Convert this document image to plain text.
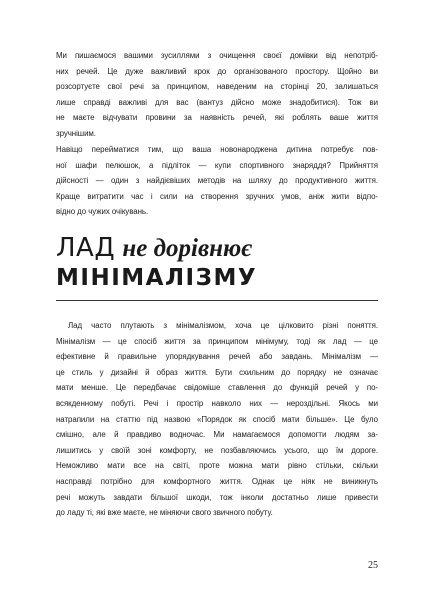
Ми пишаємося вашими зусиллями з очищення своєї домівки від непотріб-
них речей. Це дуже важливий крок до організованого простору. Щойно ви
розсортуєте свої речі за принципом, наведеним на сторінці 20, залишаться
лише справді важливі для вас (вантуз дійсно може знадобитися). Тож ви
не маєте відчувати провини за наявність речей, які роблять ваше життя
зручнішим.
Навіщо перейматися тим, що ваша новонароджена дитина потребує пов-
ної шафи пелюшок, а підліток — купи спортивного знаряддя? Прийняття
дійсності — один з найдієвіших методів на шляху до продуктивного життя.
Краще витратити час і сили на створення зручних умов, аніж жити відпо-
відно до чужих очікувань.
ЛАД не дорівнює
МІНІМАЛІЗМУ
Лад часто плутають з мінімалізмом, хоча це цілковито різні поняття.
Мінімалізм — це спосіб життя за принципом мінімуму, тоді як лад — це
ефективне й правильне упорядкування речей або завдань. Мінімалізм —
це стиль у дизайні й образ життя. Бути схильним до порядку не означає
мати менше. Це передбачає свідоміше ставлення до функцій речей у по-
всякденному побуті. Речі і простір навколо них — нероздільні. Якось ми
натрапили на статтю під назвою «Порядок як спосіб мати більше». Це було
смішно, але й правдиво водночас. Ми намагаємося допомогти людям за-
лишитись у своїй зоні комфорту, не позбавляючись усього, що їм дороге.
Неможливо мати все на світі, проте можна мати рівно стільки, скільки
насправді потрібно для комфортного життя. Однак це ніяк не виникнуть
речі можуть завдати більшої шкоди, тож інколи достатньо лише привести
до ладу ті, які вже маєте, не міняючи свого звичного побуту.
25
